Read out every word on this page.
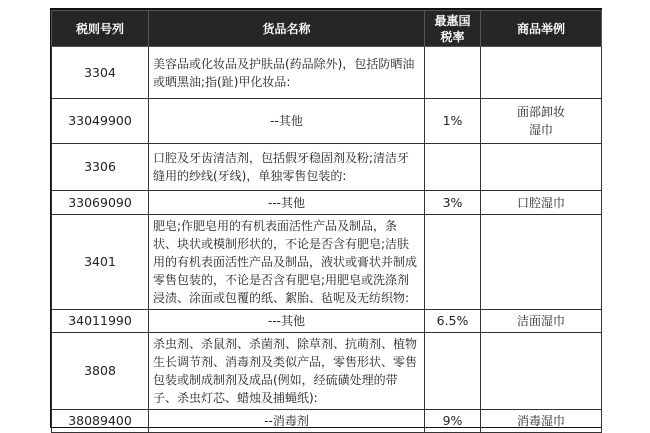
税则号列	货品名称	最惠国税率	商品举例
3304	美容品或化妆品及护肤品(药品除外)，包括防晒油或晒黑油;指(趾)甲化妆品:		
33049900	--其他	1%	面部卸妆
湿巾

3306	口腔及牙齿清洁剂，包括假牙稳固剂及粉;清洁牙缝用的纱线(牙线)，单独零售包装的:		
33069090	---其他	3%	口腔湿巾

3401	肥皂;作肥皂用的有机表面活性产品及制品，条状、块状或模制形状的，不论是否含有肥皂;洁肤用的有机表面活性产品及制品，液状或膏状并制成零售包装的，不论是否含有肥皂;用肥皂或洗涤剂浸渍、涂面或包覆的纸、絮胎、毡呢及无纺织物:		
34011990	---其他	6.5%	洁面湿巾

3808	杀虫剂、杀鼠剂、杀菌剂、除草剂、抗萌剂、植物生长调节剂、消毒剂及类似产品，零售形状、零售包装或制成制剂及成品(例如，经硫磺处理的带子、杀虫灯芯、蜡烛及捕蝇纸):		
38089400	--消毒剂	9%	消毒湿巾
